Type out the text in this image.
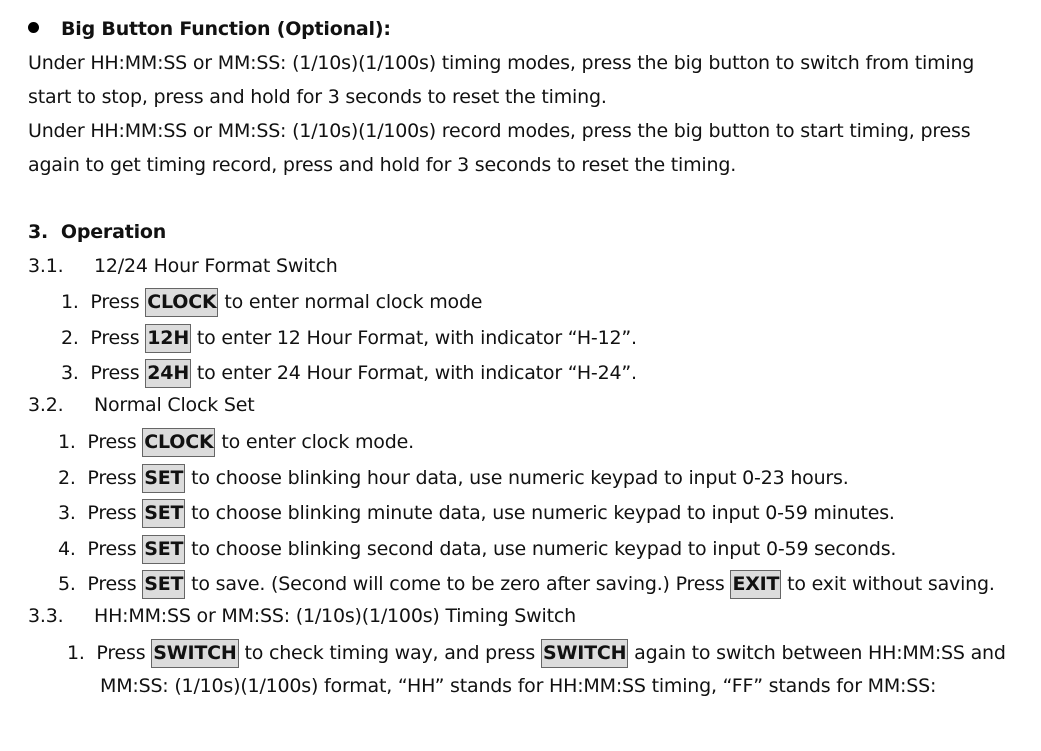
Big Button Function (Optional):
Under HH:MM:SS or MM:SS: (1/10s)(1/100s) timing modes, press the big button to switch from timing
start to stop, press and hold for 3 seconds to reset the timing.
Under HH:MM:SS or MM:SS: (1/10s)(1/100s) record modes, press the big button to start timing, press
again to get timing record, press and hold for 3 seconds to reset the timing.
3. Operation
3.1. 12/24 Hour Format Switch
1. Press CLOCK to enter normal clock mode
2. Press 12H to enter 12 Hour Format, with indicator “H-12”.
3. Press 24H to enter 24 Hour Format, with indicator “H-24”.
3.2. Normal Clock Set
1. Press CLOCK to enter clock mode.
2. Press SET to choose blinking hour data, use numeric keypad to input 0-23 hours.
3. Press SET to choose blinking minute data, use numeric keypad to input 0-59 minutes.
4. Press SET to choose blinking second data, use numeric keypad to input 0-59 seconds.
5. Press SET to save. (Second will come to be zero after saving.) Press EXIT to exit without saving.
3.3. HH:MM:SS or MM:SS: (1/10s)(1/100s) Timing Switch
1. Press SWITCH to check timing way, and press SWITCH again to switch between HH:MM:SS and
MM:SS: (1/10s)(1/100s) format, “HH” stands for HH:MM:SS timing, “FF” stands for MM:SS:
